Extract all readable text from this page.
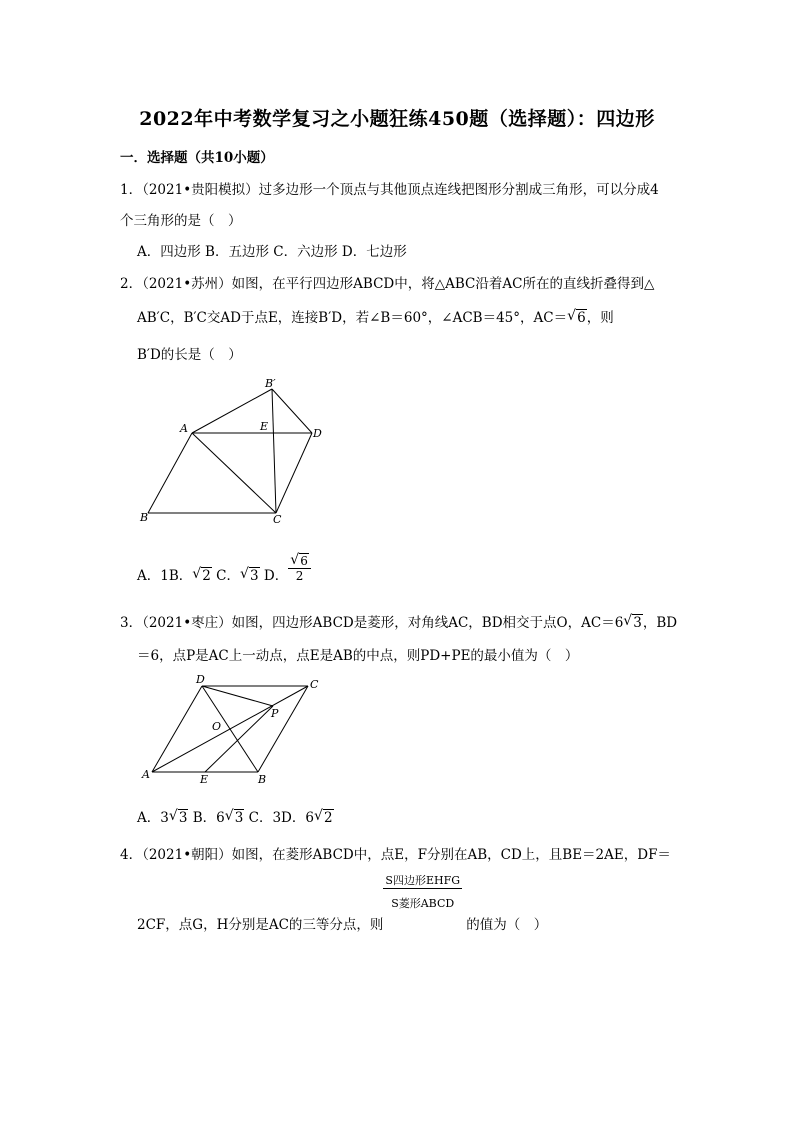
2022年中考数学复习之小题狂练450题（选择题）：四边形
一．选择题（共10小题）
1．（2021•贵阳模拟）过多边形一个顶点与其他顶点连线把图形分割成三角形，可以分成4
个三角形的是（　）
A．四边形 B．五边形 C．六边形 D．七边形
2．（2021•苏州）如图，在平行四边形ABCD中，将△ABC沿着AC所在的直线折叠得到△
AB′C，B′C交AD于点E，连接B′D，若∠B＝60°，∠ACB＝45°，AC＝ √ 6，则
B′D的长是（　）
A
B	C
D
E
B′
A．1B． √ 2 C． √ 3 D． √ $\frac{6}{2}$
3．（2021•枣庄）如图，四边形ABCD是菱形，对角线AC，BD相交于点O，AC＝6 √ 3，BD
＝6，点P是AC上一动点，点E是AB的中点，则PD+PE的最小值为（　）
A	B
C
D
E
O
P
A．3 √ 3 B．6 √ 3 C．3D．6 √ 2
4．（2021•朝阳）如图，在菱形ABCD中，点E，F分别在AB，CD上，且BE＝2AE，DF＝
2CF，点G，H分别是AC的三等分点，则
$\frac{\text{S四边形EHFG}}{\text{S菱形ABCD}}$
的值为（　）
